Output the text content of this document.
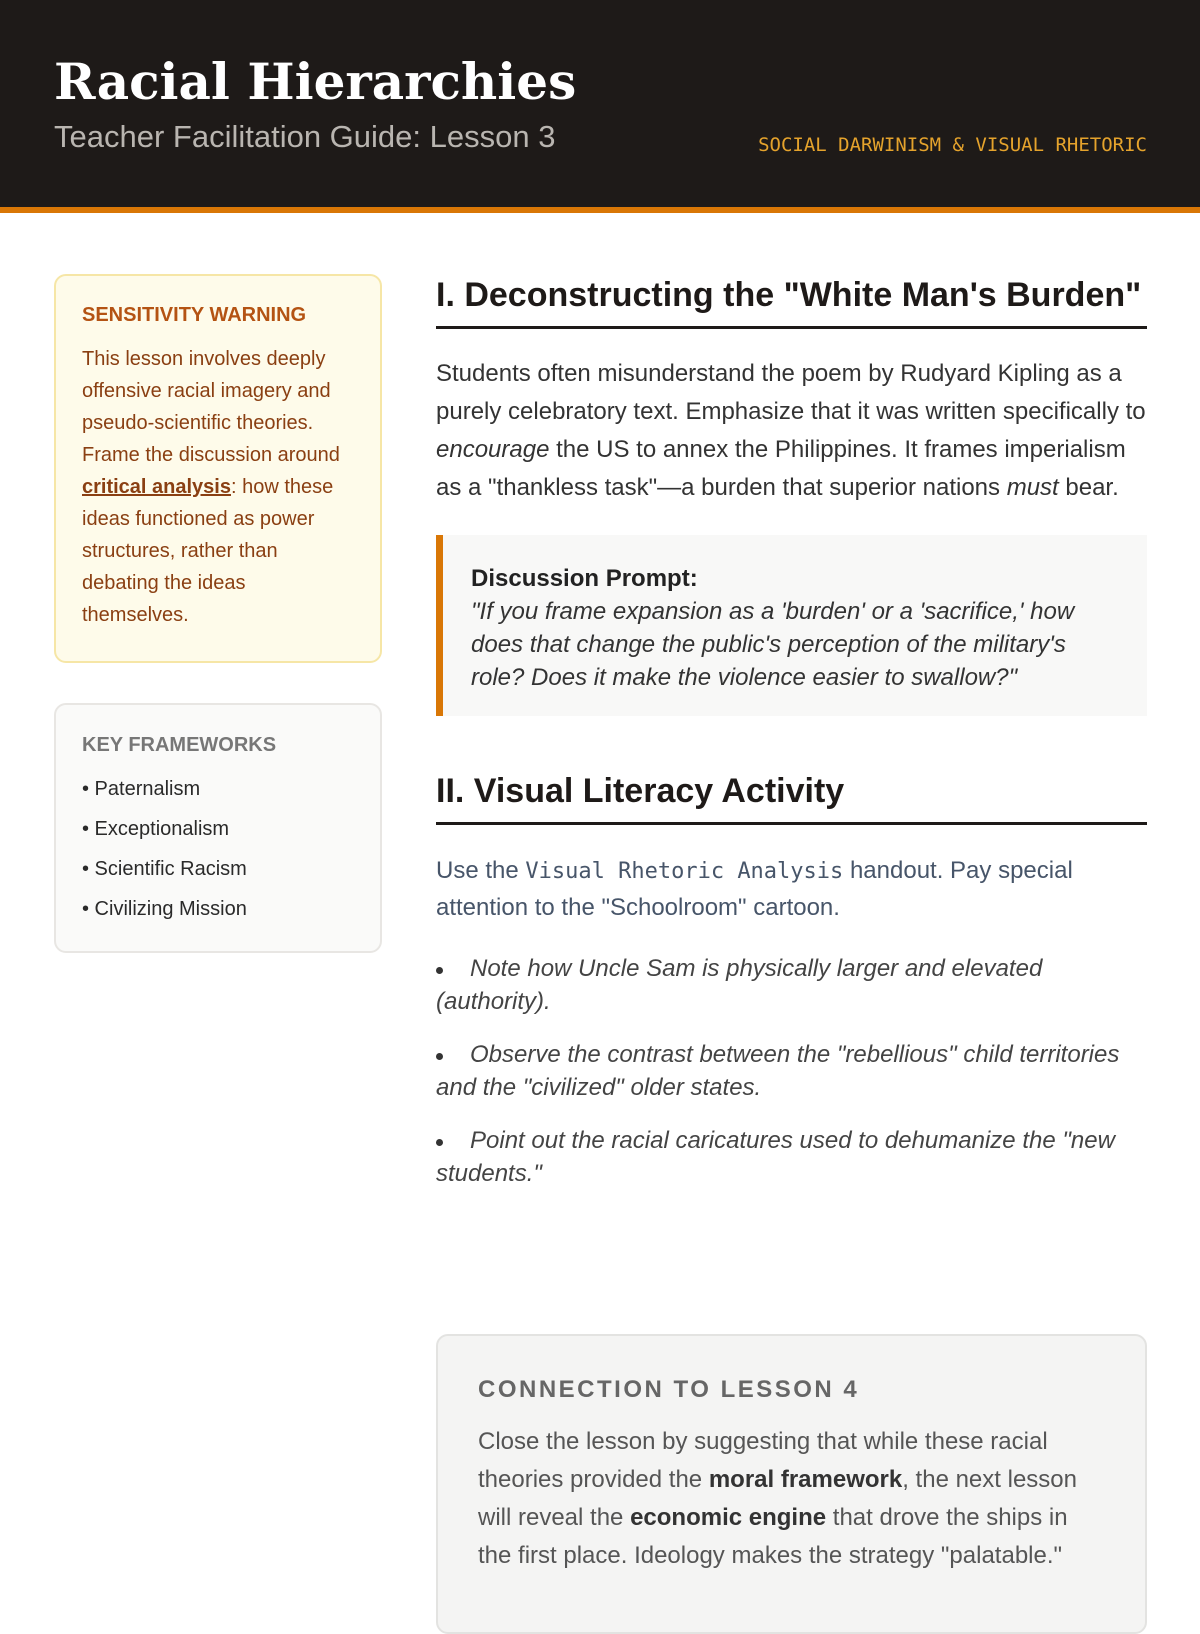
Racial Hierarchies
Teacher Facilitation Guide: Lesson 3	SOCIAL DARWINISM & VISUAL RHETORIC
SENSITIVITY WARNING

This lesson involves deeply offensive racial imagery and pseudo-scientific theories. Frame the discussion around critical analysis: how these ideas functioned as power structures, rather than debating the ideas themselves.

KEY FRAMEWORKS
• Paternalism
• Exceptionalism
• Scientific Racism
• Civilizing Mission
I. Deconstructing the "White Man's Burden"

Students often misunderstand the poem by Rudyard Kipling as a purely celebratory text. Emphasize that it was written specifically to encourage the US to annex the Philippines. It frames imperialism as a "thankless task"—a burden that superior nations must bear.

Discussion Prompt:

"If you frame expansion as a 'burden' or a 'sacrifice,' how does that change the public's perception of the military's role? Does it make the violence easier to swallow?"

II. Visual Literacy Activity

Use the Visual Rhetoric Analysis handout. Pay special attention to the "Schoolroom" cartoon.

Note how Uncle Sam is physically larger and elevated (authority).
Observe the contrast between the "rebellious" child territories and the "civilized" older states.
Point out the racial caricatures used to dehumanize the "new students."
CONNECTION TO LESSON 4

Close the lesson by suggesting that while these racial theories provided the moral framework, the next lesson will reveal the economic engine that drove the ships in the first place. Ideology makes the strategy "palatable."
